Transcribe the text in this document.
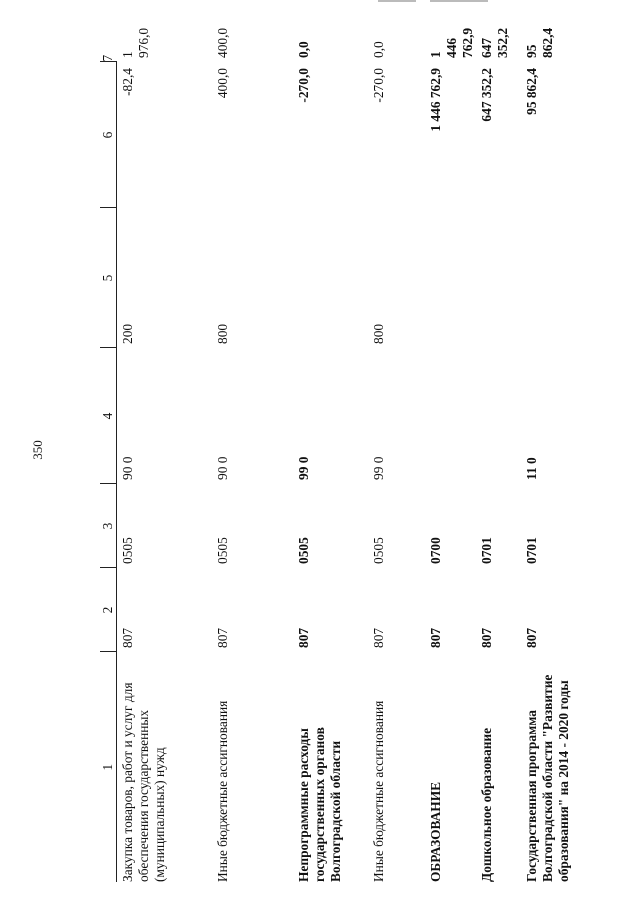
350
1	2	3	4	5	6	7
Закупка товаров, работ и услуг для обеспечения государственных (муниципальных) нужд	807	0505	90 0	200	-82,4	1 976,0
Иные бюджетные ассигнования	807	0505	90 0	800	400,0	400,0
Непрограммные расходы государственных органов Волгоградской области	807	0505	99 0		-270,0	0,0
Иные бюджетные ассигнования	807	0505	99 0	800	-270,0	0,0
ОБРАЗОВАНИЕ	807	0700			1 446 762,9	1 446 762,9
Дошкольное образование	807	0701			647 352,2	647 352,2
Государственная программа Волгоградской области "Развитие образования" на 2014 - 2020 годы	807	0701	11 0		95 862,4	95 862,4
